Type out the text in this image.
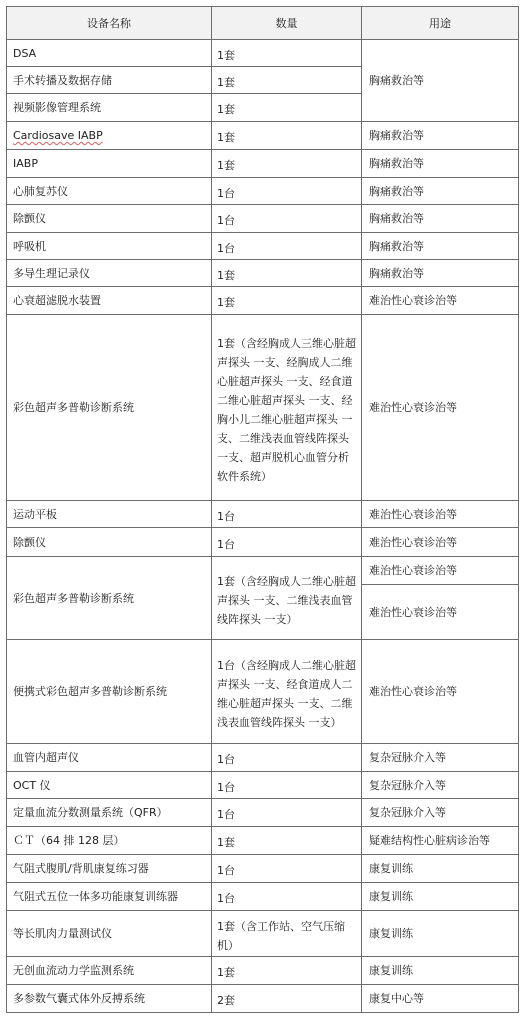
设备名称	数量	用途
DSA	1套	胸痛救治等
手术转播及数据存储	1套	
视频影像管理系统	1套	
Cardiosave IABP	1套	胸痛救治等
IABP	1套	胸痛救治等
心肺复苏仪	1台	胸痛救治等
除颤仪	1台	胸痛救治等
呼吸机	1台	胸痛救治等
多导生理记录仪	1套	胸痛救治等
心衰超滤脱水装置	1套	难治性心衰诊治等
彩色超声多普勒诊断系统	1套（含经胸成人三维心脏超声探头 一支、经胸成人二维心脏超声探头 一支、经食道二维心脏超声探头 一支、经胸小儿二维心脏超声探头 一支、二维浅表血管线阵探头 一支、超声脱机心血管分析软件系统）	难治性心衰诊治等
运动平板	1台	难治性心衰诊治等
除颤仪	1台	难治性心衰诊治等
彩色超声多普勒诊断系统	1套（含经胸成人二维心脏超声探头 一支、二维浅表血管线阵探头 一支）	难治性心衰诊治等
		难治性心衰诊治等
便携式彩色超声多普勒诊断系统	1台（含经胸成人二维心脏超声探头 一支、经食道成人二维心脏超声探头 一支、二维浅表血管线阵探头 一支）	难治性心衰诊治等
血管内超声仪	1台	复杂冠脉介入等
OCT 仪	1台	复杂冠脉介入等
定量血流分数测量系统（QFR）	1台	复杂冠脉介入等
ＣＴ（64 排 128 层）	1套	疑难结构性心脏病诊治等
气阻式腹肌/背肌康复练习器	1台	康复训练
气阻式五位一体多功能康复训练器	1台	康复训练
等长肌肉力量测试仪	1套（含工作站、空气压缩机）	康复训练
无创血流动力学监测系统	1套	康复训练
多参数气囊式体外反搏系统	2套	康复中心等
